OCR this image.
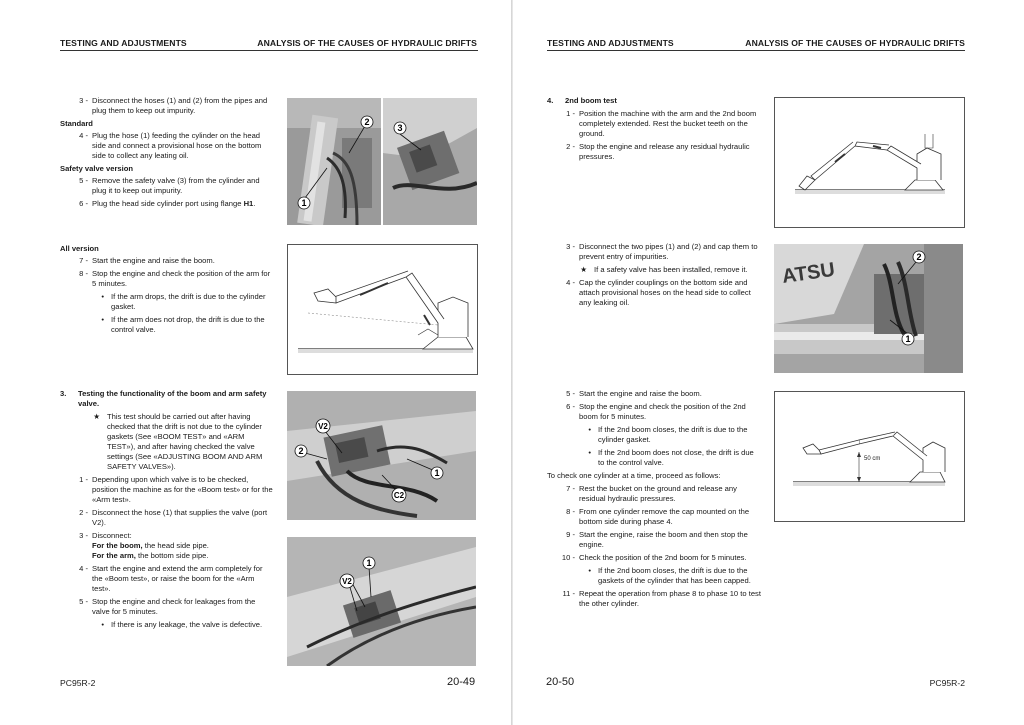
TESTING AND ADJUSTMENTS	ANALYSIS OF THE CAUSES OF HYDRAULIC DRIFTS

3 - Disconnect the hoses (1) and (2) from the pipes and plug them to keep out impurity.

Standard

4 - Plug the hose (1) feeding the cylinder on the head side and connect a provisional hose on the bottom side to collect any leating oil.

Safety valve version

5 - Remove the safety valve (3) from the cylinder and plug it to keep out impurity.

6 - Plug the head side cylinder port using flange H1.	1
2
3

All version

7 - Start the engine and raise the boom.

8 - Stop the engine and check the position of the arm for 5 minutes.

• If the arm drops, the drift is due to the cylinder gasket.

• If the arm does not drop, the drift is due to the control valve.

3.	Testing the functionality of the boom and arm safety valve.

★ This test should be carried out after having checked that the drift is not due to the cylinder gaskets (See «BOOM TEST» and «ARM TEST»), and after having checked the valve settings (See «ADJUSTING BOOM AND ARM SAFETY VALVES»).

1 - Depending upon which valve is to be checked, position the machine as for the «Boom test» or for the «Arm test».

2 - Disconnect the hose (1) that supplies the valve (port V2).

3 - Disconnect:

For the boom, the head side pipe.

For the arm, the bottom side pipe.

4 - Start the engine and extend the arm completely for the «Boom test», or raise the boom for the «Arm test».

5 - Stop the engine and check for leakages from the valve for 5 minutes.

• If there is any leakage, the valve is defective.

V2
2
1
C2
1
V2
PC95R-2	20-49
TESTING AND ADJUSTMENTS	ANALYSIS OF THE CAUSES OF HYDRAULIC DRIFTS

4.	2nd boom test

1 - Position the machine with the arm and the 2nd boom completely extended. Rest the bucket teeth on the ground.

2 - Stop the engine and release any residual hydraulic pressures.

3 - Disconnect the two pipes (1) and (2) and cap them to prevent entry of impurities.

★ If a safety valve has been installed, remove it.

4 - Cap the cylinder couplings on the bottom side and attach provisional hoses on the head side to collect any leaking oil.

ATSU
2
1

5 - Start the engine and raise the boom.

6 - Stop the engine and check the position of the 2nd boom for 5 minutes.

• If the 2nd boom closes, the drift is due to the cylinder gasket.

• If the 2nd boom does not close, the drift is due to the control valve.

To check one cylinder at a time, proceed as follows:

7 - Rest the bucket on the ground and release any residual hydraulic pressures.

8 - From one cylinder remove the cap mounted on the bottom side during phase 4.

9 - Start the engine, raise the boom and then stop the engine.

10 - Check the position of the 2nd boom for 5 minutes.

• If the 2nd boom closes, the drift is due to the gaskets of the cylinder that has been capped.

11 - Repeat the operation from phase 8 to phase 10 to test the other cylinder.

50 cm
20-50	PC95R-2
